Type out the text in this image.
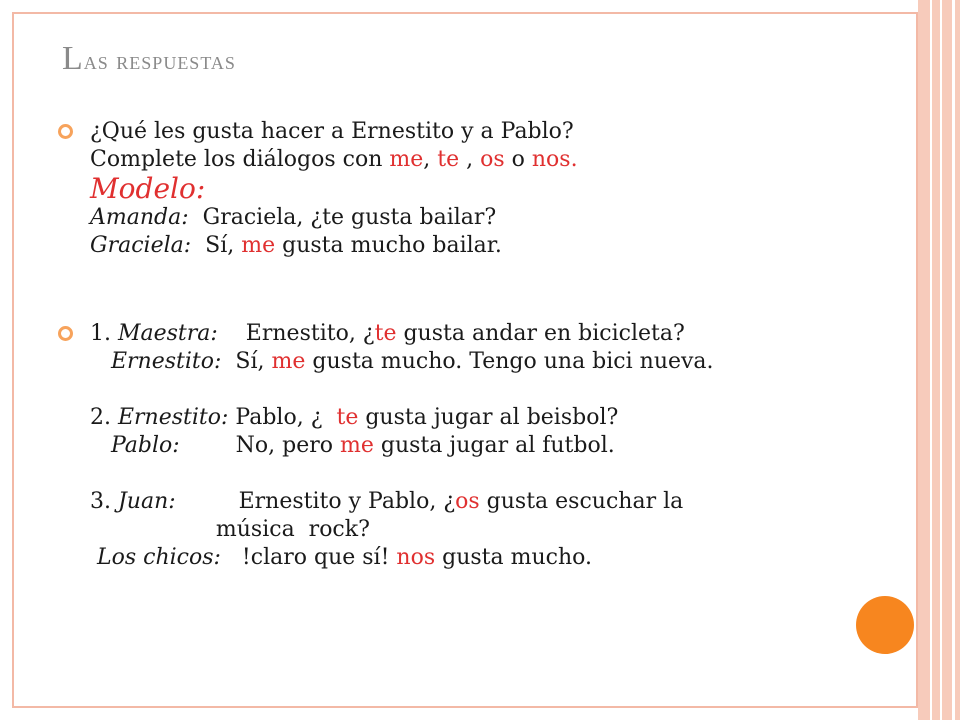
Las respuestas
¿Qué les gusta hacer a Ernestito y a Pablo?
Complete los diálogos con me, te , os o nos.
Modelo:
Amanda:  Graciela, ¿te gusta bailar?
Graciela:  Sí, me gusta mucho bailar.
1. Maestra:    Ernestito, ¿te gusta andar en bicicleta?
Ernestito:  Sí, me gusta mucho. Tengo una bici nueva.
2. Ernestito: Pablo, ¿  te gusta jugar al beisbol?
Pablo:        No, pero me gusta jugar al futbol.
3. Juan:         Ernestito y Pablo, ¿os gusta escuchar la
música  rock?
Los chicos:   !claro que sí! nos gusta mucho.
